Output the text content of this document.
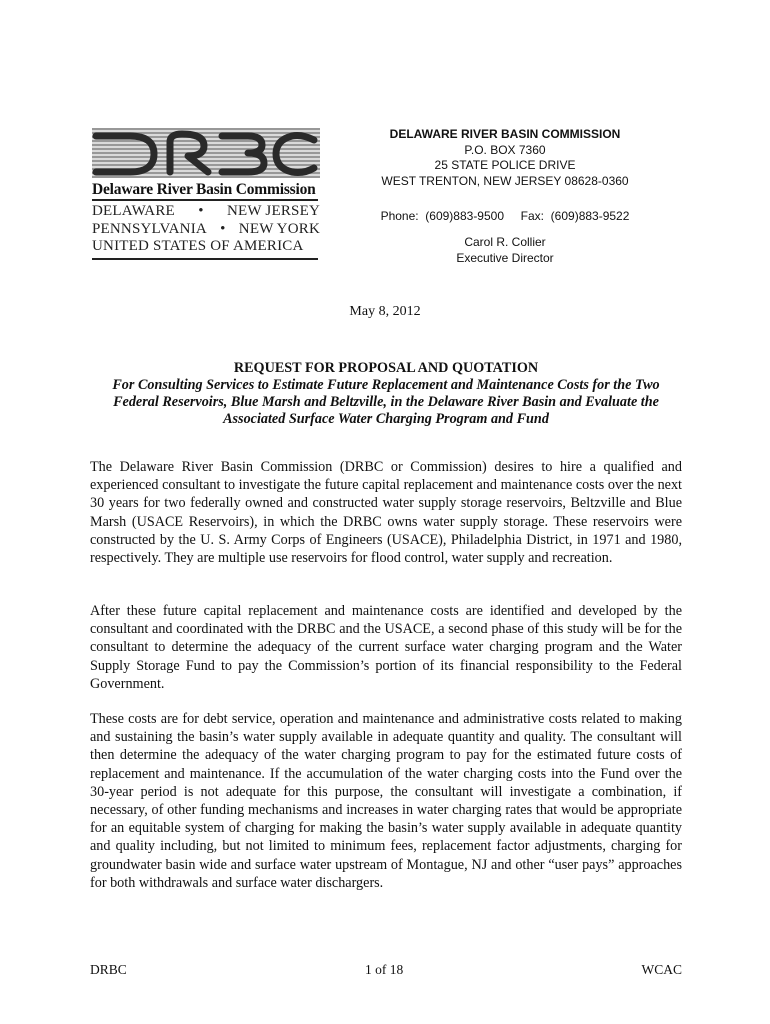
Delaware River Basin Commission
DELAWARE • NEW JERSEY
PENNSYLVANIA • NEW YORK
UNITED STATES OF AMERICA
DELAWARE RIVER BASIN COMMISSION
P.O. BOX 7360
25 STATE POLICE DRIVE
WEST TRENTON, NEW JERSEY 08628-0360
Phone:  (609)883-9500     Fax:  (609)883-9522
Carol R. Collier
Executive Director
May 8, 2012
REQUEST FOR PROPOSAL AND QUOTATION
For Consulting Services to Estimate Future Replacement and Maintenance Costs for the Two Federal Reservoirs, Blue Marsh and Beltzville, in the Delaware River Basin and Evaluate the Associated Surface Water Charging Program and Fund
The Delaware River Basin Commission (DRBC or Commission) desires to hire a qualified and experienced consultant to investigate the future capital replacement and maintenance costs over the next 30 years for two federally owned and constructed water supply storage reservoirs, Beltzville and Blue Marsh (USACE Reservoirs), in which the DRBC owns water supply storage. These reservoirs were constructed by the U. S. Army Corps of Engineers (USACE), Philadelphia District, in 1971 and 1980, respectively. They are multiple use reservoirs for flood control, water supply and recreation.
After these future capital replacement and maintenance costs are identified and developed by the consultant and coordinated with the DRBC and the USACE, a second phase of this study will be for the consultant to determine the adequacy of the current surface water charging program and the Water Supply Storage Fund to pay the Commission’s portion of its financial responsibility to the Federal Government.
These costs are for debt service, operation and maintenance and administrative costs related to making and sustaining the basin’s water supply available in adequate quantity and quality. The consultant will then determine the adequacy of the water charging program to pay for the estimated future costs of replacement and maintenance. If the accumulation of the water charging costs into the Fund over the 30-year period is not adequate for this purpose, the consultant will investigate a combination, if necessary, of other funding mechanisms and increases in water charging rates that would be appropriate for an equitable system of charging for making the basin’s water supply available in adequate quantity and quality including, but not limited to minimum fees, replacement factor adjustments, charging for groundwater basin wide and surface water upstream of Montague, NJ and other “user pays” approaches for both withdrawals and surface water dischargers.
DRBC	1 of 18	WCAC
